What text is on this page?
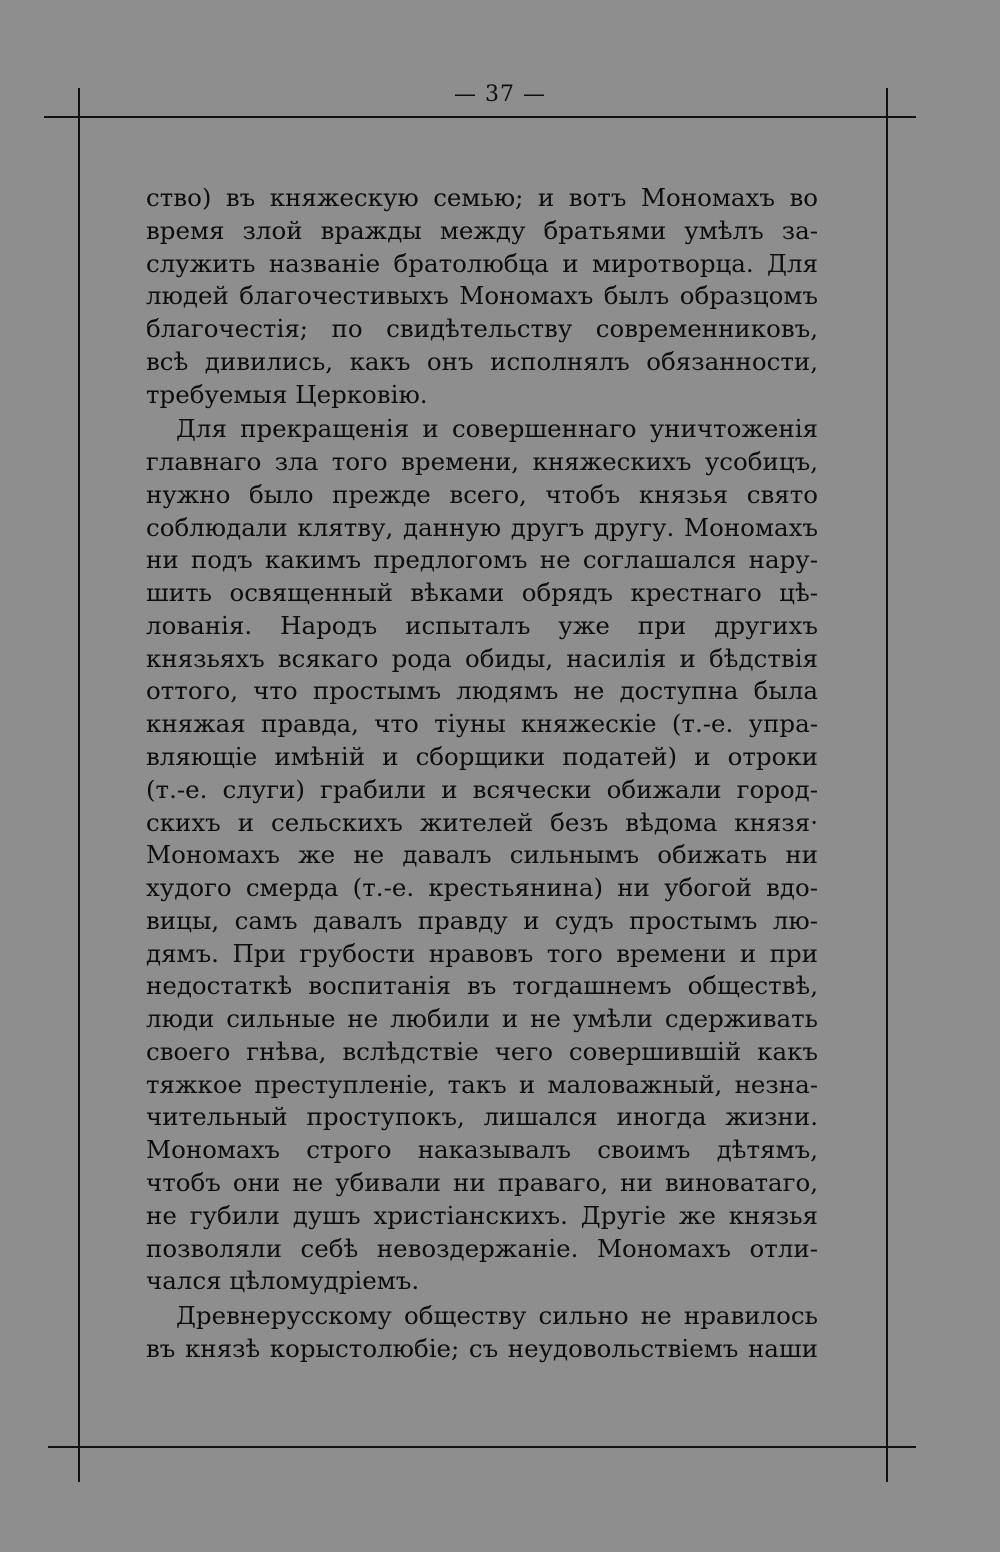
— 37 —
ство) въ княжескую семью; и вотъ Мономахъ во
время злой вражды между братьями умѣлъ за-
служить названіе братолюбца и миротворца. Для
людей благочестивыхъ Мономахъ былъ образцомъ
благочестія; по свидѣтельству современниковъ,
всѣ дивились, какъ онъ исполнялъ обязанности,
требуемыя Церковію.
Для прекращенія и совершеннаго уничтоженія
главнаго зла того времени, княжескихъ усобицъ,
нужно было прежде всего, чтобъ князья свято
соблюдали клятву, данную другъ другу. Мономахъ
ни подъ какимъ предлогомъ не соглашался нару-
шить освященный вѣками обрядъ крестнаго цѣ-
лованія. Народъ испыталъ уже при другихъ
князьяхъ всякаго рода обиды, насилія и бѣдствія
оттого, что простымъ людямъ не доступна была
княжая правда, что тіуны княжескіе (т.-е. упра-
вляющіе имѣній и сборщики податей) и отроки
(т.-е. слуги) грабили и всячески обижали город-
скихъ и сельскихъ жителей безъ вѣдома князя·
Мономахъ же не давалъ сильнымъ обижать ни
худого смерда (т.-е. крестьянина) ни убогой вдо-
вицы, самъ давалъ правду и судъ простымъ лю-
дямъ. При грубости нравовъ того времени и при
недостаткѣ воспитанія въ тогдашнемъ обществѣ,
люди сильные не любили и не умѣли сдерживать
своего гнѣва, вслѣдствіе чего совершившій какъ
тяжкое преступленіе, такъ и маловажный, незна-
чительный проступокъ, лишался иногда жизни.
Мономахъ строго наказывалъ своимъ дѣтямъ,
чтобъ они не убивали ни праваго, ни виноватаго,
не губили душъ христіанскихъ. Другіе же князья
позволяли себѣ невоздержаніе. Мономахъ отли-
чался цѣломудріемъ.
Древнерусскому обществу сильно не нравилось
въ князѣ корыстолюбіе; съ неудовольствіемъ наши
